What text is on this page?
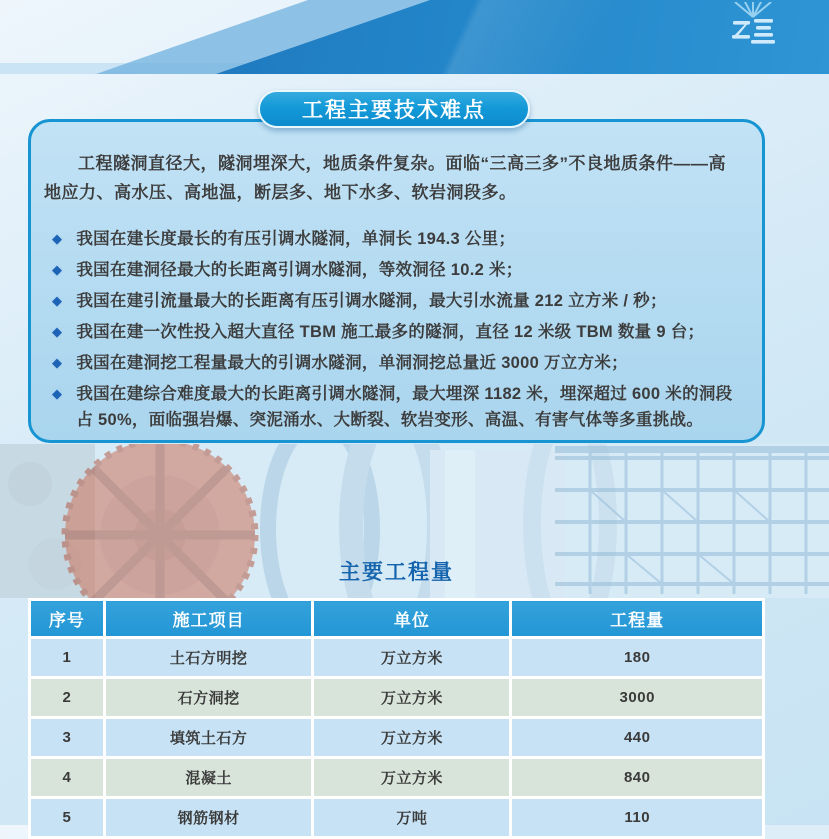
工程隧洞直径大，隧洞埋深大，地质条件复杂。面临“三高三多”不良地质条件——高地应力、高水压、高地温，断层多、地下水多、软岩洞段多。

◆ 我国在建长度最长的有压引调水隧洞，单洞长 194.3 公里；
◆ 我国在建洞径最大的长距离引调水隧洞，等效洞径 10.2 米；
◆ 我国在建引流量最大的长距离有压引调水隧洞，最大引水流量 212 立方米 / 秒；
◆ 我国在建一次性投入超大直径 TBM 施工最多的隧洞，直径 12 米级 TBM 数量 9 台；
◆ 我国在建洞挖工程量最大的引调水隧洞，单洞洞挖总量近 3000 万立方米；
◆ 我国在建综合难度最大的长距离引调水隧洞，最大埋深 1182 米，埋深超过 600 米的洞段占 50%，面临强岩爆、突泥涌水、大断裂、软岩变形、高温、有害气体等多重挑战。
工程主要技术难点
主要工程量
序号	施工项目	单位	工程量
1	土石方明挖	万立方米	180
2	石方洞挖	万立方米	3000
3	填筑土石方	万立方米	440
4	混凝土	万立方米	840
5	钢筋钢材	万吨	110
